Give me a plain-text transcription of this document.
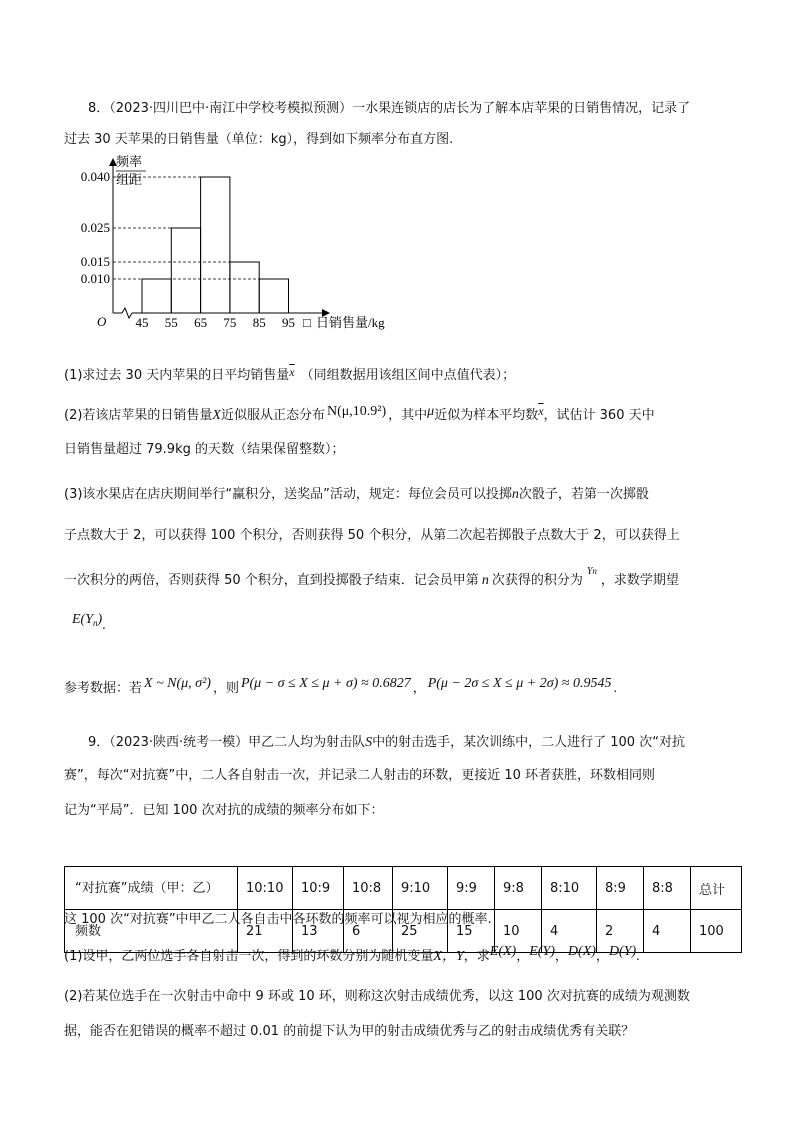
8．（2023·四川巴中·南江中学校考模拟预测）一水果连锁店的店长为了解本店苹果的日销售情况，记录了
过去 30 天苹果的日销售量（单位：kg），得到如下频率分布直方图.
频率
组距
0.040
0.025
0.015
0.010
45 55 65 75 85 95
O	□ 日销售量/kg
(1)求过去 30 天内苹果的日平均销售量$\overline{x}$ （同组数据用该组区间中点值代表）；
(2)若该店苹果的日销售量X近似服从正态分布 N(μ,10.9²) ，其中μ近似为样本平均数$\overline{x}$，试估计 360 天中
日销售量超过 79.9kg 的天数（结果保留整数）；
(3)该水果店在店庆期间举行“赢积分，送奖品”活动，规定：每位会员可以投掷n次骰子，若第一次掷骰
子点数大于 2，可以获得 100 个积分，否则获得 50 个积分，从第二次起若掷骰子点数大于 2，可以获得上
一次积分的两倍，否则获得 50 个积分，直到投掷骰子结束．记会员甲第 n 次获得的积分为$^{Yn}$，求数学期望
$E(Y_n)$.
参考数据：若 X ~ N(μ, σ²) ，则 P(μ − σ ≤ X ≤ μ + σ) ≈ 0.6827 ， P(μ − 2σ ≤ X ≤ μ + 2σ) ≈ 0.9545 .
9．（2023·陕西·统考一模）甲乙二人均为射击队S中的射击选手，某次训练中，二人进行了 100 次“对抗
赛”，每次“对抗赛”中，二人各自射击一次，并记录二人射击的环数，更接近 10 环者获胜，环数相同则
记为“平局”．已知 100 次对抗的成绩的频率分布如下：
“对抗赛”成绩（甲：乙）	10:10	10:9	10:8	9:10	9:9	9:8	8:10	8:9	8:8	总计
频数	21	13	6	25	15	10	4	2	4	100
这 100 次“对抗赛”中甲乙二人各自击中各环数的频率可以视为相应的概率.
(1)设甲，乙两位选手各自射击一次，得到的环数分别为随机变量X，Y，求E(X)，E(Y)，D(X)，D(Y).
(2)若某位选手在一次射击中命中 9 环或 10 环，则称这次射击成绩优秀，以这 100 次对抗赛的成绩为观测数
据，能否在犯错误的概率不超过 0.01 的前提下认为甲的射击成绩优秀与乙的射击成绩优秀有关联？
